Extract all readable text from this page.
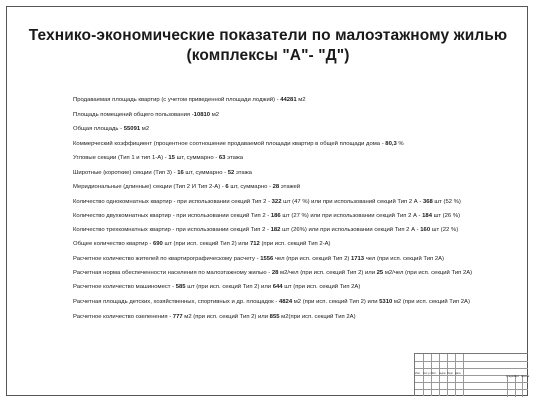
Технико-экономические показатели по малоэтажному жилью
(комплексы "А"- "Д")
Продаваемая площадь квартир (с учетом приведенной площади лоджий) - 44281 м2
Площадь помещений общего пользования -10810 м2
Общая площадь - 55091 м2
Коммерческий коэффициент (процентное соотношение продаваемой площади квартир в общей площади дома - 80,3 %
Угловые секции (Тип 1 и тип 1-А) - 15 шт, суммарно - 63 этажа
Широтные (короткие) секции (Тип 3) - 16 шт, суммарно - 52 этажа
Меридиональные (длинные) секции (Тип 2 И Тип 2-А) - 6 шт, суммарно - 28 этажей
Количество однокомнатных квартир - при использовании секций Тип 2 - 322 шт (47 %) или при использований секций Тип 2 А - 368 шт (52 %)
Количество двухкомнатных квартир - при использовании секций Тип 2 - 186 шт (27 %) или при использовании секций Тип 2 А - 184 шт (26 %)
Количество трехкомнатных квартир - при использовании секций Тип 2 - 182 шт (26%) или при использовании секций Тип 2 А - 160 шт (22 %)
Общее количество квартир - 690 шт (при исп. секций Тип 2) или 712 (при исп. секций Тип 2-А)
Расчетное количество жителей по квартирографическому расчету - 1556 чел (при исп. секций Тип 2) 1713 чел (при исп. секций Тип 2А)
Расчетная норма обеспеченности населения по малоэтажному жилью - 28 м2/чел (при исп. секций Тип 2) или 25 м2/чел (при исп. секций Тип 2А)
Расчетное количество машиномест - 585 шт (при исп. секций Тип 2) или 644 шт (при исп. секций Тип 2А)
Расчетная площадь детских, хозяйственных, спортивных и др. площадок - 4824 м2 (при исп. секций Тип 2) или 5310 м2 (при исп. секций Тип 2А)
Расчетное количество озеленения - 777 м2 (при исп. секций Тип 2) или 855 м2(при исп. секций Тип 2А)
Изм. Кол.уч Лист №док Подп. Дата
Стадия Лист Листов
